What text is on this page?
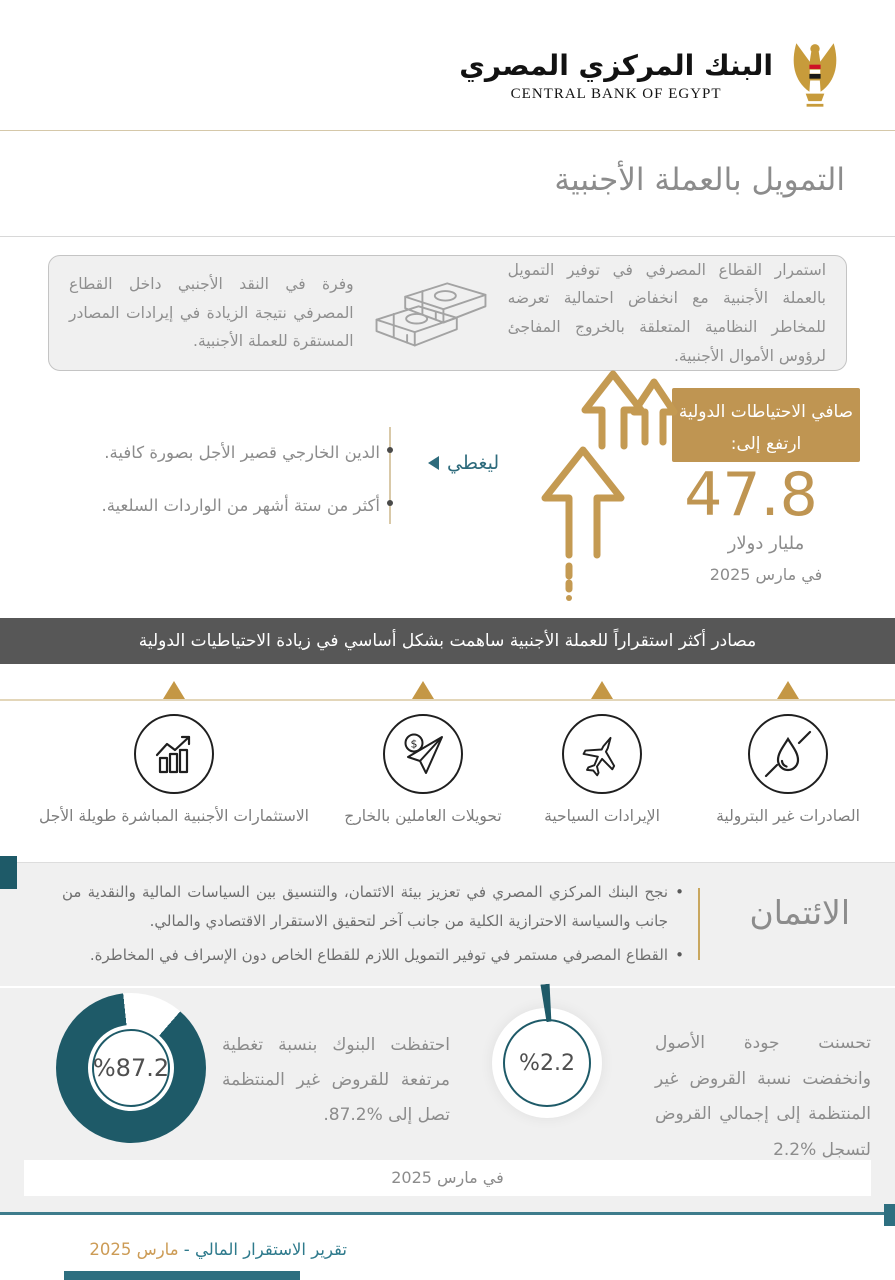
البنك المركزي المصري
CENTRAL BANK OF EGYPT
التمويل بالعملة الأجنبية
استمرار القطاع المصرفي في توفير التمويل بالعملة الأجنبية مع انخفاض احتمالية تعرضه للمخاطر النظامية المتعلقة بالخروج المفاجئ لرؤوس الأموال الأجنبية.
وفرة في النقد الأجنبي داخل القطاع المصرفي نتيجة الزيادة في إيرادات المصادر المستقرة للعملة الأجنبية.
صافي الاحتياطات الدولية ارتفع إلى:
47.8
مليار دولار
في مارس 2025
ليغطي
الدين الخارجي قصير الأجل بصورة كافية.
أكثر من ستة أشهر من الواردات السلعية.
مصادر أكثر استقراراً للعملة الأجنبية ساهمت بشكل أساسي في زيادة الاحتياطيات الدولية
$
الصادرات غير البترولية
الإيرادات السياحية
تحويلات العاملين بالخارج
الاستثمارات الأجنبية المباشرة طويلة الأجل
الائتمان
• نجح البنك المركزي المصري في تعزيز بيئة الائتمان، والتنسيق بين السياسات المالية والنقدية من جانب والسياسة الاحترازية الكلية من جانب آخر لتحقيق الاستقرار الاقتصادي والمالي.
• القطاع المصرفي مستمر في توفير التمويل اللازم للقطاع الخاص دون الإسراف في المخاطرة.
%87.2
احتفظت البنوك بنسبة تغطية مرتفعة للقروض غير المنتظمة تصل إلى %87.2.
%2.2
تحسنت جودة الأصول وانخفضت نسبة القروض غير المنتظمة إلى إجمالي القروض لتسجل %2.2
في مارس 2025
تقرير الاستقرار المالي - مارس 2025
